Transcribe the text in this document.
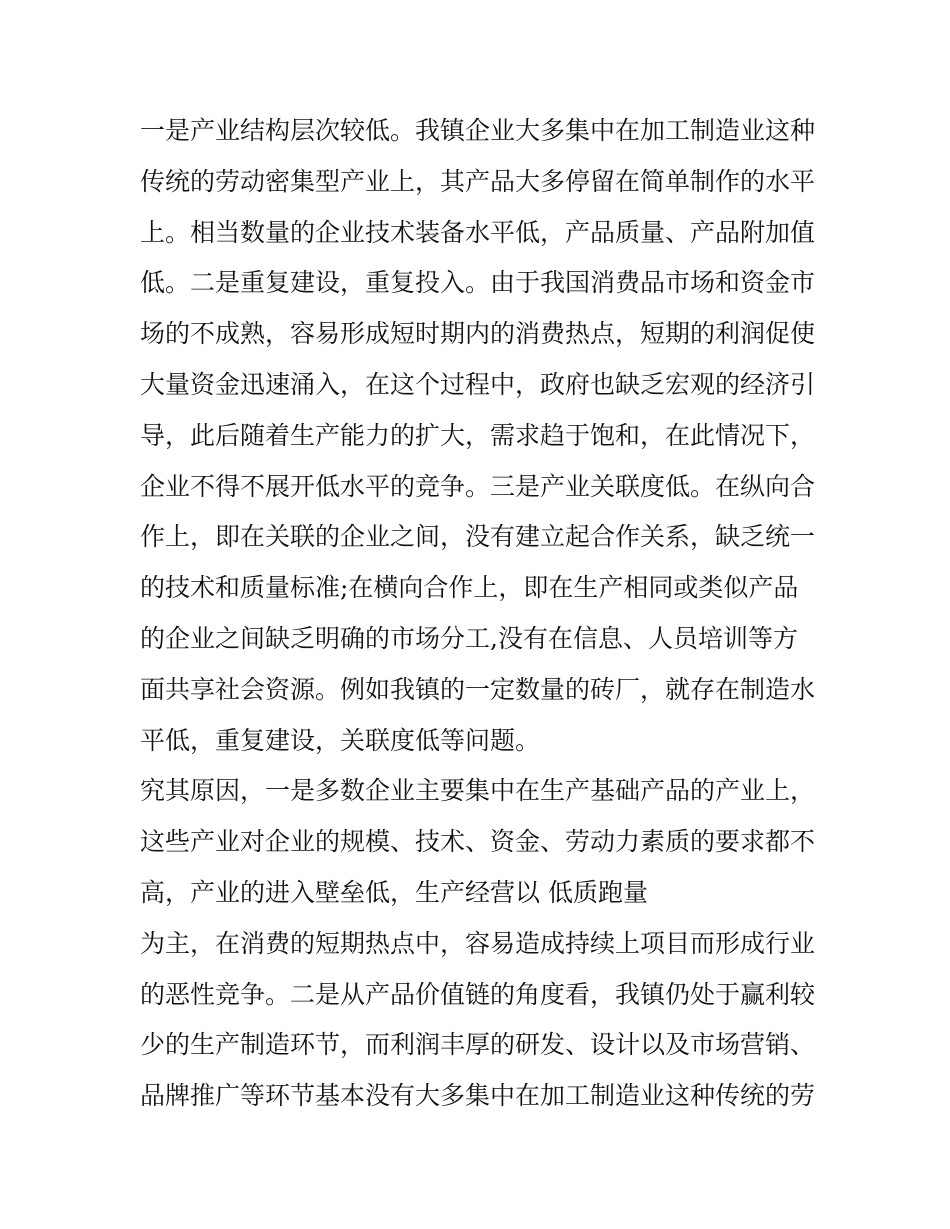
一是产业结构层次较低。我镇企业大多集中在加工制造业这种
传统的劳动密集型产业上，其产品大多停留在简单制作的水平
上。相当数量的企业技术装备水平低，产品质量、产品附加值
低。二是重复建设，重复投入。由于我国消费品市场和资金市
场的不成熟，容易形成短时期内的消费热点，短期的利润促使
大量资金迅速涌入，在这个过程中，政府也缺乏宏观的经济引
导，此后随着生产能力的扩大，需求趋于饱和，在此情况下，
企业不得不展开低水平的竞争。三是产业关联度低。在纵向合
作上，即在关联的企业之间，没有建立起合作关系，缺乏统一
的技术和质量标准;在横向合作上，即在生产相同或类似产品
的企业之间缺乏明确的市场分工,没有在信息、人员培训等方
面共享社会资源。例如我镇的一定数量的砖厂，就存在制造水
平低，重复建设，关联度低等问题。
究其原因，一是多数企业主要集中在生产基础产品的产业上，
这些产业对企业的规模、技术、资金、劳动力素质的要求都不
高，产业的进入壁垒低，生产经营以 低质跑量
为主，在消费的短期热点中，容易造成持续上项目而形成行业
的恶性竞争。二是从产品价值链的角度看，我镇仍处于赢利较
少的生产制造环节，而利润丰厚的研发、设计以及市场营销、
品牌推广等环节基本没有大多集中在加工制造业这种传统的劳
